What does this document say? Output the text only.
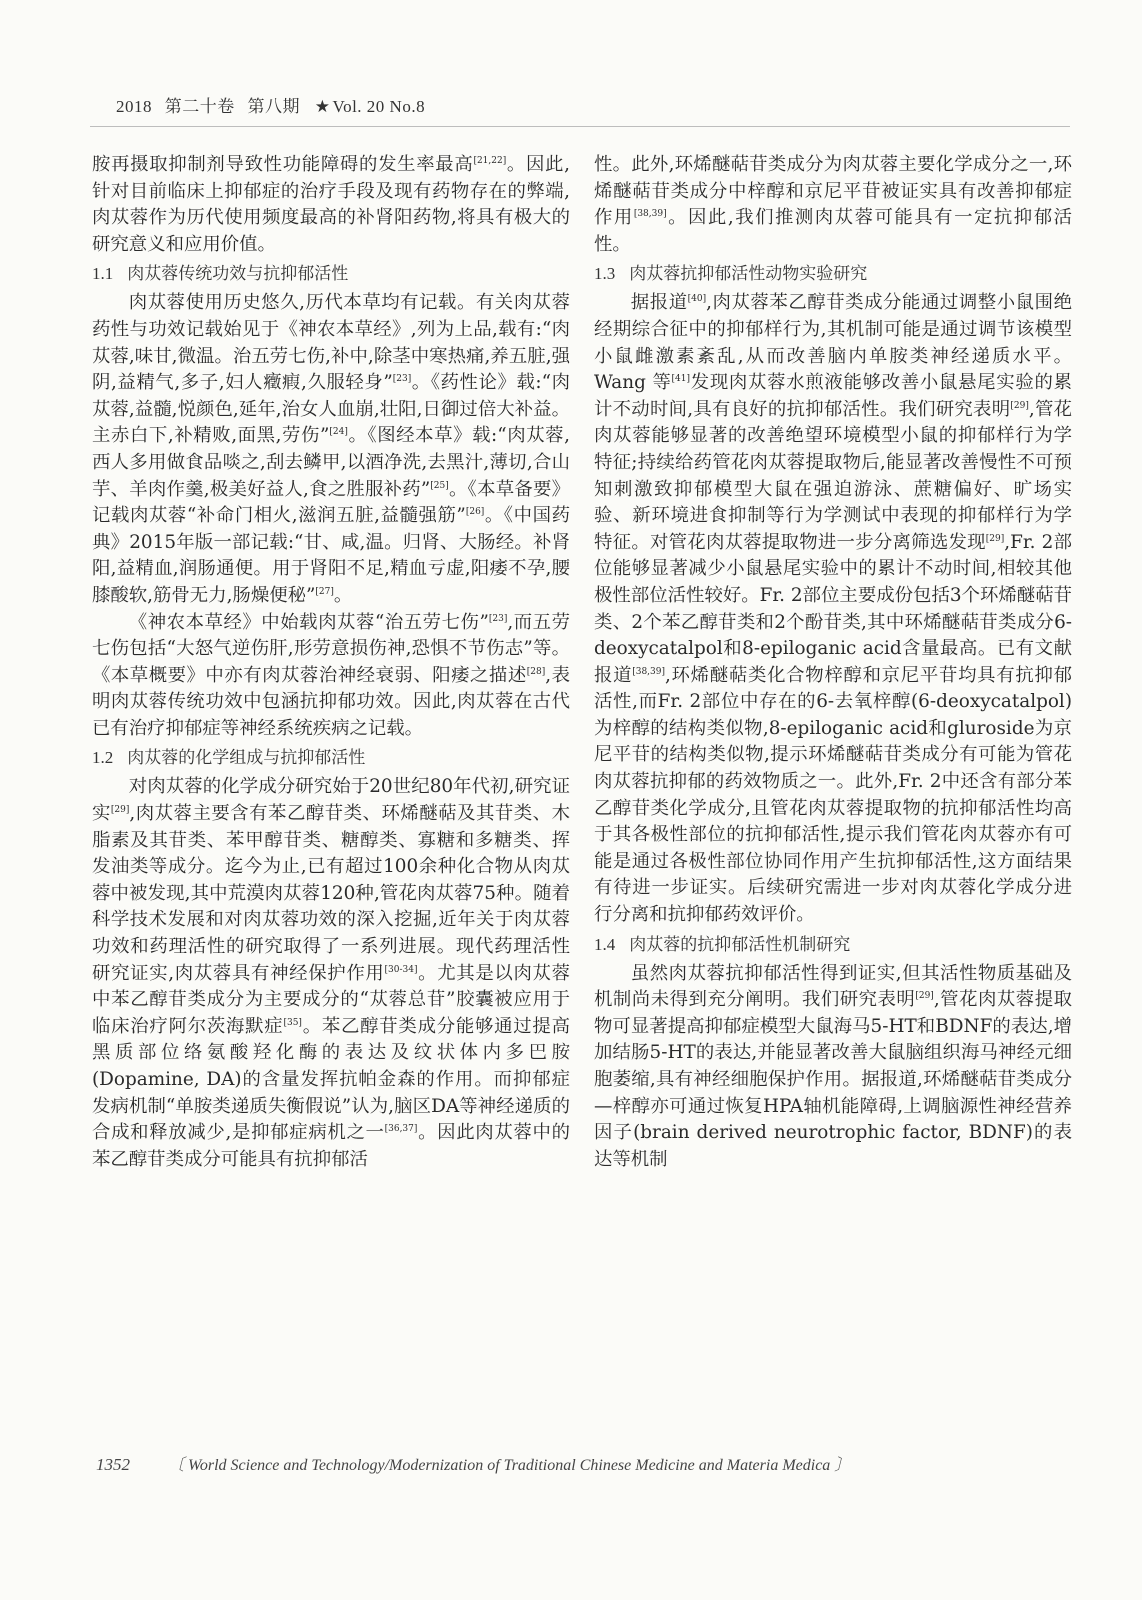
2018 第二十卷 第八期 ★ Vol. 20 No.8

胺再摄取抑制剂导致性功能障碍的发生率最高[21,22]。因此,针对目前临床上抑郁症的治疗手段及现有药物存在的弊端,肉苁蓉作为历代使用频度最高的补肾阳药物,将具有极大的研究意义和应用价值。

1.1 肉苁蓉传统功效与抗抑郁活性

肉苁蓉使用历史悠久,历代本草均有记载。有关肉苁蓉药性与功效记载始见于《神农本草经》,列为上品,载有:“肉苁蓉,味甘,微温。治五劳七伤,补中,除茎中寒热痛,养五脏,强阴,益精气,多子,妇人癥瘕,久服轻身”[23]。《药性论》载:“肉苁蓉,益髓,悦颜色,延年,治女人血崩,壮阳,日御过倍大补益。主赤白下,补精败,面黑,劳伤”[24]。《图经本草》载:“肉苁蓉,西人多用做食品啖之,刮去鳞甲,以酒净洗,去黑汁,薄切,合山芋、羊肉作羹,极美好益人,食之胜服补药”[25]。《本草备要》记载肉苁蓉“补命门相火,滋润五脏,益髓强筋”[26]。《中国药典》2015年版一部记载:“甘、咸,温。归肾、大肠经。补肾阳,益精血,润肠通便。用于肾阳不足,精血亏虚,阳痿不孕,腰膝酸软,筋骨无力,肠燥便秘”[27]。

《神农本草经》中始载肉苁蓉“治五劳七伤”[23],而五劳七伤包括“大怒气逆伤肝,形劳意损伤神,恐惧不节伤志”等。《本草概要》中亦有肉苁蓉治神经衰弱、阳痿之描述[28],表明肉苁蓉传统功效中包涵抗抑郁功效。因此,肉苁蓉在古代已有治疗抑郁症等神经系统疾病之记载。

1.2 肉苁蓉的化学组成与抗抑郁活性

对肉苁蓉的化学成分研究始于20世纪80年代初,研究证实[29],肉苁蓉主要含有苯乙醇苷类、环烯醚萜及其苷类、木脂素及其苷类、苯甲醇苷类、糖醇类、寡糖和多糖类、挥发油类等成分。迄今为止,已有超过100余种化合物从肉苁蓉中被发现,其中荒漠肉苁蓉120种,管花肉苁蓉75种。随着科学技术发展和对肉苁蓉功效的深入挖掘,近年关于肉苁蓉功效和药理活性的研究取得了一系列进展。现代药理活性研究证实,肉苁蓉具有神经保护作用[30-34]。尤其是以肉苁蓉中苯乙醇苷类成分为主要成分的“苁蓉总苷”胶囊被应用于临床治疗阿尔茨海默症[35]。苯乙醇苷类成分能够通过提高黑质部位络氨酸羟化酶的表达及纹状体内多巴胺(Dopamine, DA)的含量发挥抗帕金森的作用。而抑郁症发病机制“单胺类递质失衡假说”认为,脑区DA等神经递质的合成和释放减少,是抑郁症病机之一[36,37]。因此肉苁蓉中的苯乙醇苷类成分可能具有抗抑郁活

性。此外,环烯醚萜苷类成分为肉苁蓉主要化学成分之一,环烯醚萜苷类成分中梓醇和京尼平苷被证实具有改善抑郁症作用[38,39]。因此,我们推测肉苁蓉可能具有一定抗抑郁活性。

1.3 肉苁蓉抗抑郁活性动物实验研究

据报道[40],肉苁蓉苯乙醇苷类成分能通过调整小鼠围绝经期综合征中的抑郁样行为,其机制可能是通过调节该模型小鼠雌激素紊乱,从而改善脑内单胺类神经递质水平。Wang 等[41]发现肉苁蓉水煎液能够改善小鼠悬尾实验的累计不动时间,具有良好的抗抑郁活性。我们研究表明[29],管花肉苁蓉能够显著的改善绝望环境模型小鼠的抑郁样行为学特征;持续给药管花肉苁蓉提取物后,能显著改善慢性不可预知刺激致抑郁模型大鼠在强迫游泳、蔗糖偏好、旷场实验、新环境进食抑制等行为学测试中表现的抑郁样行为学特征。对管花肉苁蓉提取物进一步分离筛选发现[29],Fr. 2部位能够显著减少小鼠悬尾实验中的累计不动时间,相较其他极性部位活性较好。Fr. 2部位主要成份包括3个环烯醚萜苷类、2个苯乙醇苷类和2个酚苷类,其中环烯醚萜苷类成分6-deoxycatalpol和8-epiloganic acid含量最高。已有文献报道[38,39],环烯醚萜类化合物梓醇和京尼平苷均具有抗抑郁活性,而Fr. 2部位中存在的6-去氧梓醇(6-deoxycatalpol)为梓醇的结构类似物,8-epiloganic acid和gluroside为京尼平苷的结构类似物,提示环烯醚萜苷类成分有可能为管花肉苁蓉抗抑郁的药效物质之一。此外,Fr. 2中还含有部分苯乙醇苷类化学成分,且管花肉苁蓉提取物的抗抑郁活性均高于其各极性部位的抗抑郁活性,提示我们管花肉苁蓉亦有可能是通过各极性部位协同作用产生抗抑郁活性,这方面结果有待进一步证实。后续研究需进一步对肉苁蓉化学成分进行分离和抗抑郁药效评价。

1.4 肉苁蓉的抗抑郁活性机制研究

虽然肉苁蓉抗抑郁活性得到证实,但其活性物质基础及机制尚未得到充分阐明。我们研究表明[29],管花肉苁蓉提取物可显著提高抑郁症模型大鼠海马5-HT和BDNF的表达,增加结肠5-HT的表达,并能显著改善大鼠脑组织海马神经元细胞萎缩,具有神经细胞保护作用。据报道,环烯醚萜苷类成分—梓醇亦可通过恢复HPA轴机能障碍,上调脑源性神经营养因子(brain derived neurotrophic factor, BDNF)的表达等机制

1352 〔 World Science and Technology/Modernization of Traditional Chinese Medicine and Materia Medica 〕
